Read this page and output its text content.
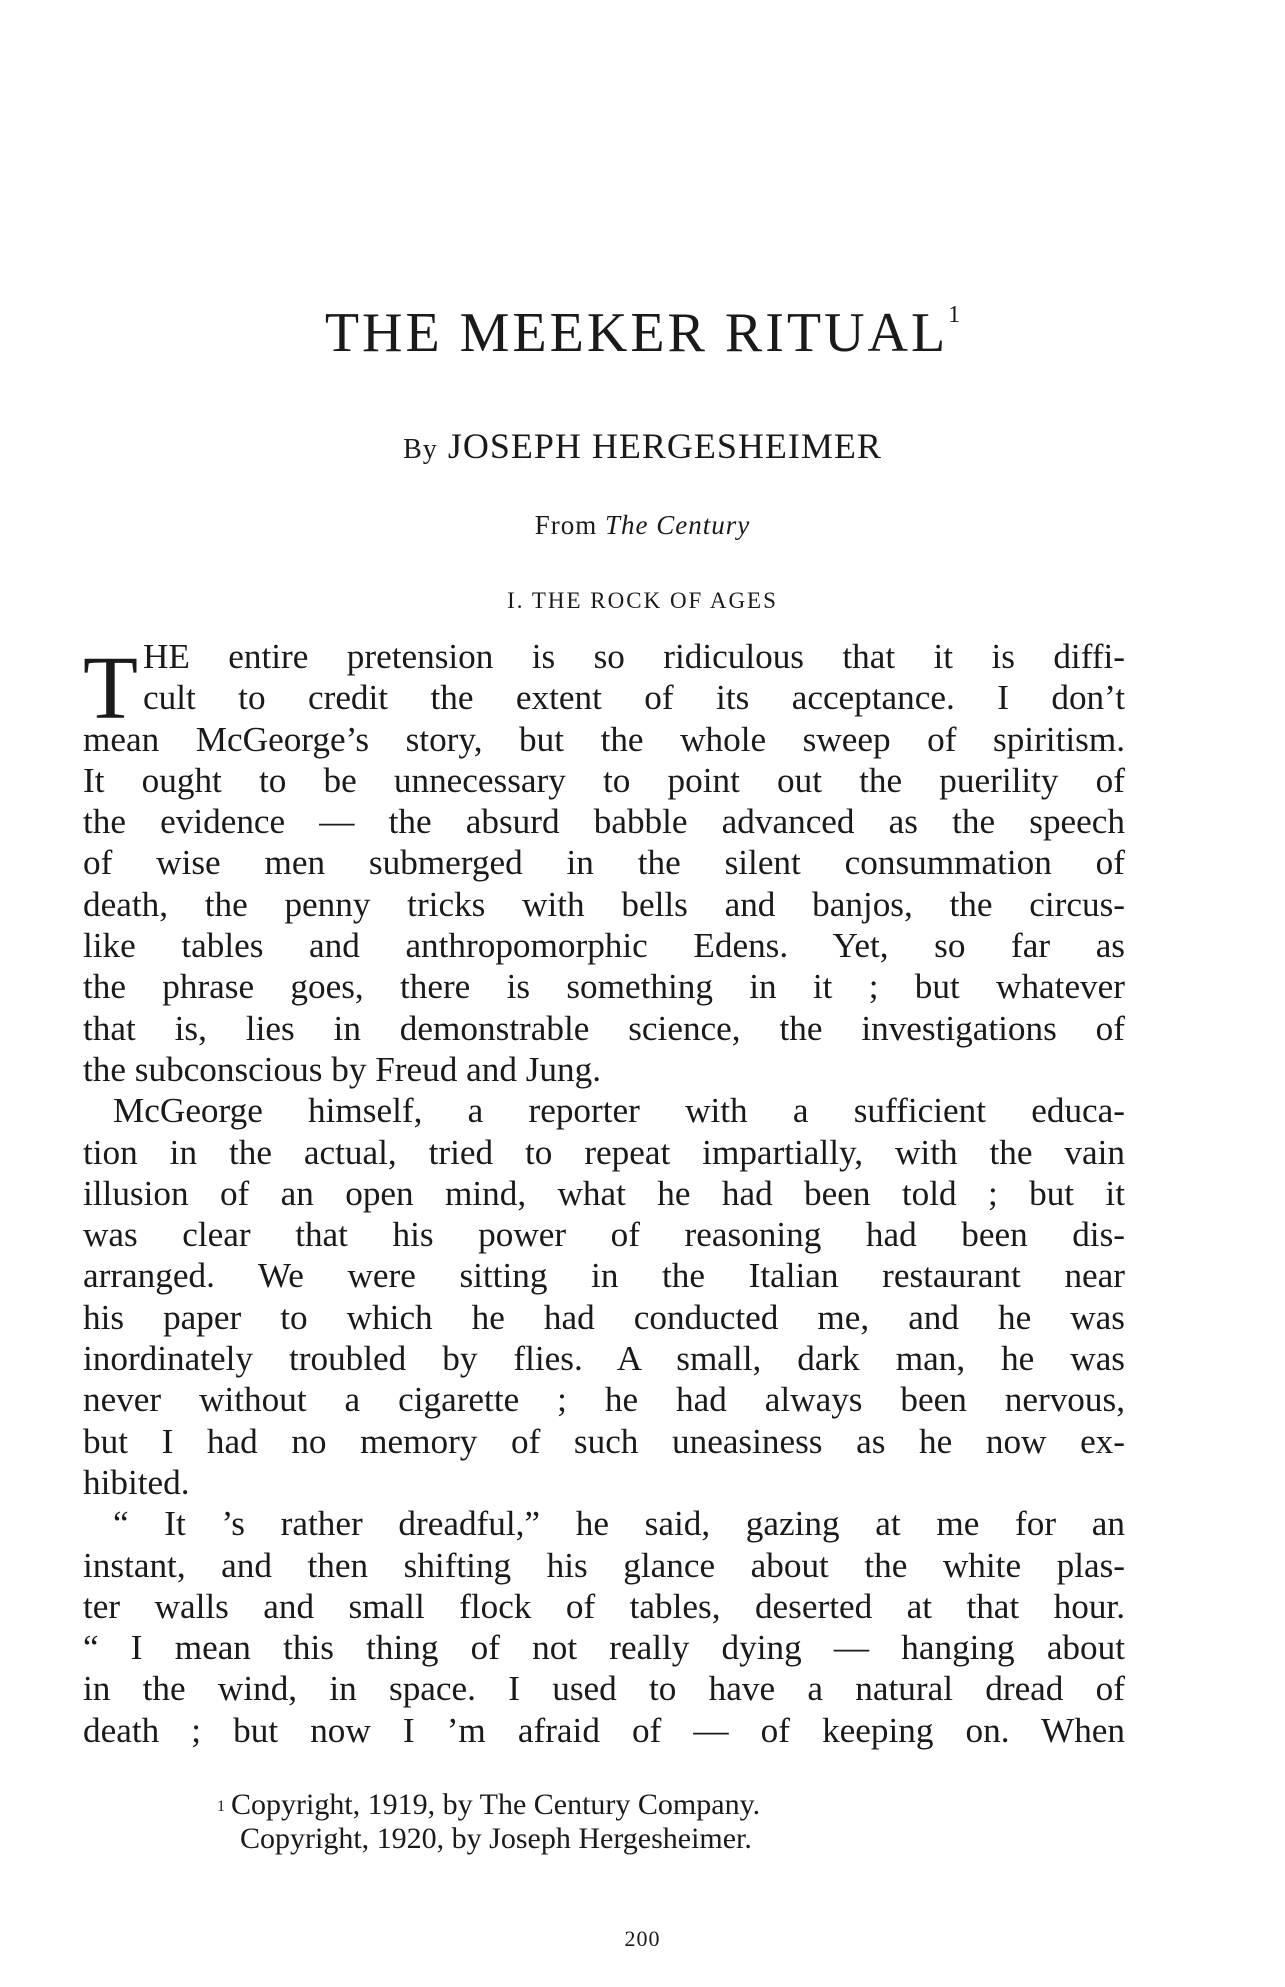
THE MEEKER RITUAL$^1$
By JOSEPH HERGESHEIMER
From The Century
I. THE ROCK OF AGES
T HE entire pretension is so ridiculous that it is diffi-
cult to credit the extent of its acceptance. I don’t
mean McGeorge’s story, but the whole sweep of spiritism.
It ought to be unnecessary to point out the puerility of
the evidence — the absurd babble advanced as the speech
of wise men submerged in the silent consummation of
death, the penny tricks with bells and banjos, the circus-
like tables and anthropomorphic Edens. Yet, so far as
the phrase goes, there is something in it ; but whatever
that is, lies in demonstrable science, the investigations of
the subconscious by Freud and Jung.
McGeorge himself, a reporter with a sufficient educa-
tion in the actual, tried to repeat impartially, with the vain
illusion of an open mind, what he had been told ; but it
was clear that his power of reasoning had been dis-
arranged. We were sitting in the Italian restaurant near
his paper to which he had conducted me, and he was
inordinately troubled by flies. A small, dark man, he was
never without a cigarette ; he had always been nervous,
but I had no memory of such uneasiness as he now ex-
hibited.
“ It ’s rather dreadful,” he said, gazing at me for an
instant, and then shifting his glance about the white plas-
ter walls and small flock of tables, deserted at that hour.
“ I mean this thing of not really dying — hanging about
in the wind, in space. I used to have a natural dread of
death ; but now I ’m afraid of — of keeping on. When
$^1$ Copyright, 1919, by The Century Company.
Copyright, 1920, by Joseph Hergesheimer.
200
